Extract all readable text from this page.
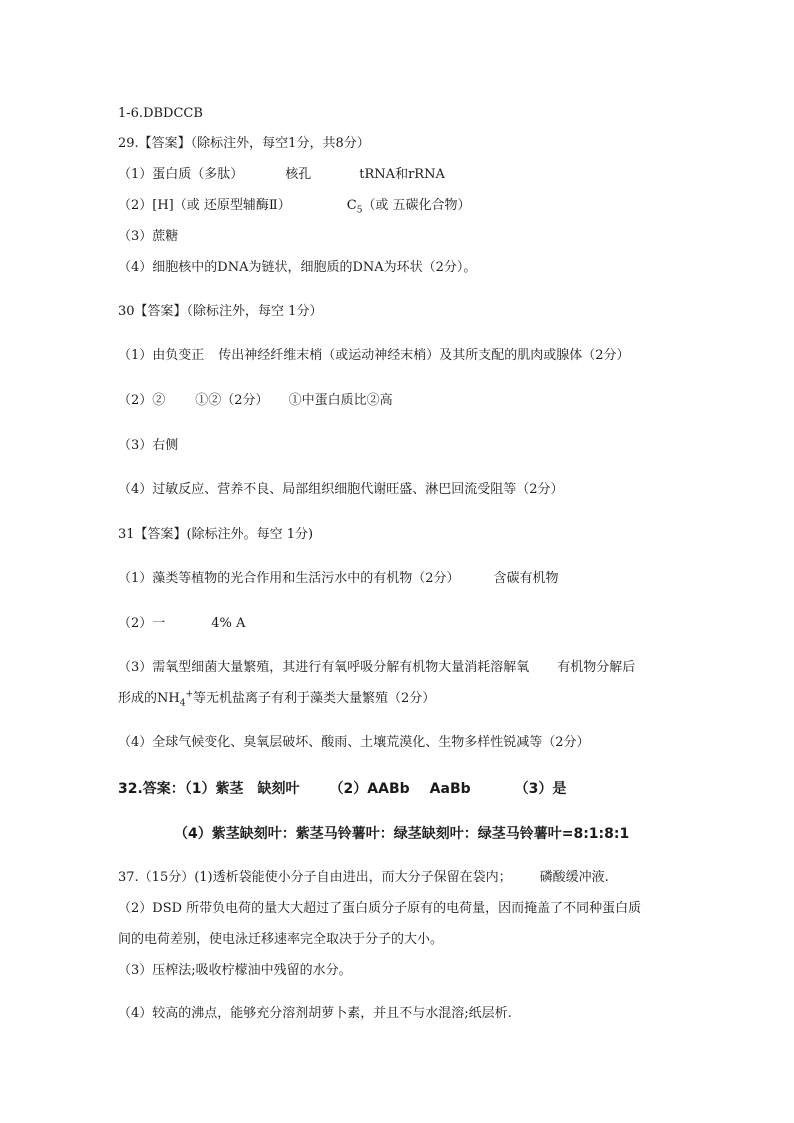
1-6.DBDCCB
29.【答案】（除标注外，每空1分，共8分）
（1）蛋白质（多肽）	核孔	tRNA和rRNA
（2）[H]（或 还原型辅酶Ⅱ）	$C_5$（或 五碳化合物）
（3）蔗糖
（4）细胞核中的DNA为链状，细胞质的DNA为环状（2分）。
30【答案】（除标注外，每空 1分）
（1）由负变正 传出神经纤维末梢（或运动神经末梢）及其所支配的肌肉或腺体（2分）
（2）② ①②（2分） ①中蛋白质比②高
（3）右侧
（4）过敏反应、营养不良、局部组织细胞代谢旺盛、淋巴回流受阻等（2分）
31【答案】(除标注外。每空 1分)
（1）藻类等植物的光合作用和生活污水中的有机物（2分）	含碳有机物
（2）一	4% A
（3）需氧型细菌大量繁殖，其进行有氧呼吸分解有机物大量消耗溶解氧 有机物分解后
形成的$NH_4^+$等无机盐离子有利于藻类大量繁殖（2分）
（4）全球气候变化、臭氧层破坏、酸雨、土壤荒漠化、生物多样性锐减等（2分）
32.答案：（1）紫茎 缺刻叶 （2）AABb AaBb	（3）是
（4）紫茎缺刻叶：紫茎马铃薯叶：绿茎缺刻叶：绿茎马铃薯叶=8:1:8:1
37.（15分）(1)透析袋能使小分子自由进出，而大分子保留在袋内； 磷酸缓冲液.
（2）DSD 所带负电荷的量大大超过了蛋白质分子原有的电荷量，因而掩盖了不同种蛋白质
间的电荷差别，使电泳迁移速率完全取决于分子的大小。
（3）压榨法;吸收柠檬油中残留的水分。
（4）较高的沸点，能够充分溶剂胡萝卜素，并且不与水混溶;纸层析.
